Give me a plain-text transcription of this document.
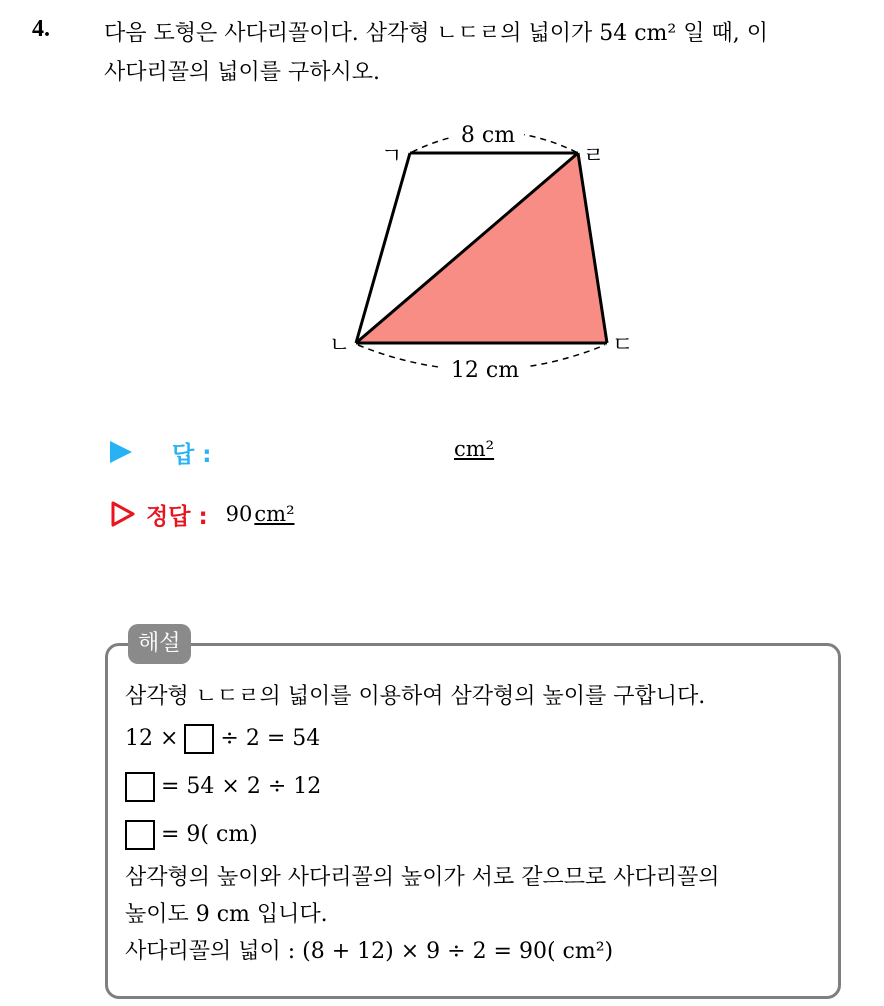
4. 다음 도형은 사다리꼴이다. 삼각형 ㄴㄷㄹ의 넓이가 54 cm² 일 때, 이
사다리꼴의 넓이를 구하시오.
8 cm
12 cm
ㄱ
ㄴ	ㄷ
ㄹ
답 :	cm²
정답 : 90 cm²
해설
삼각형 ㄴㄷㄹ의 넓이를 이용하여 삼각형의 높이를 구합니다.
12 × ÷ 2 = 54
= 54 × 2 ÷ 12
= 9( cm)
삼각형의 높이와 사다리꼴의 높이가 서로 같으므로 사다리꼴의
높이도 9 cm 입니다.
사다리꼴의 넓이 : (8 + 12) × 9 ÷ 2 = 90( cm²)
